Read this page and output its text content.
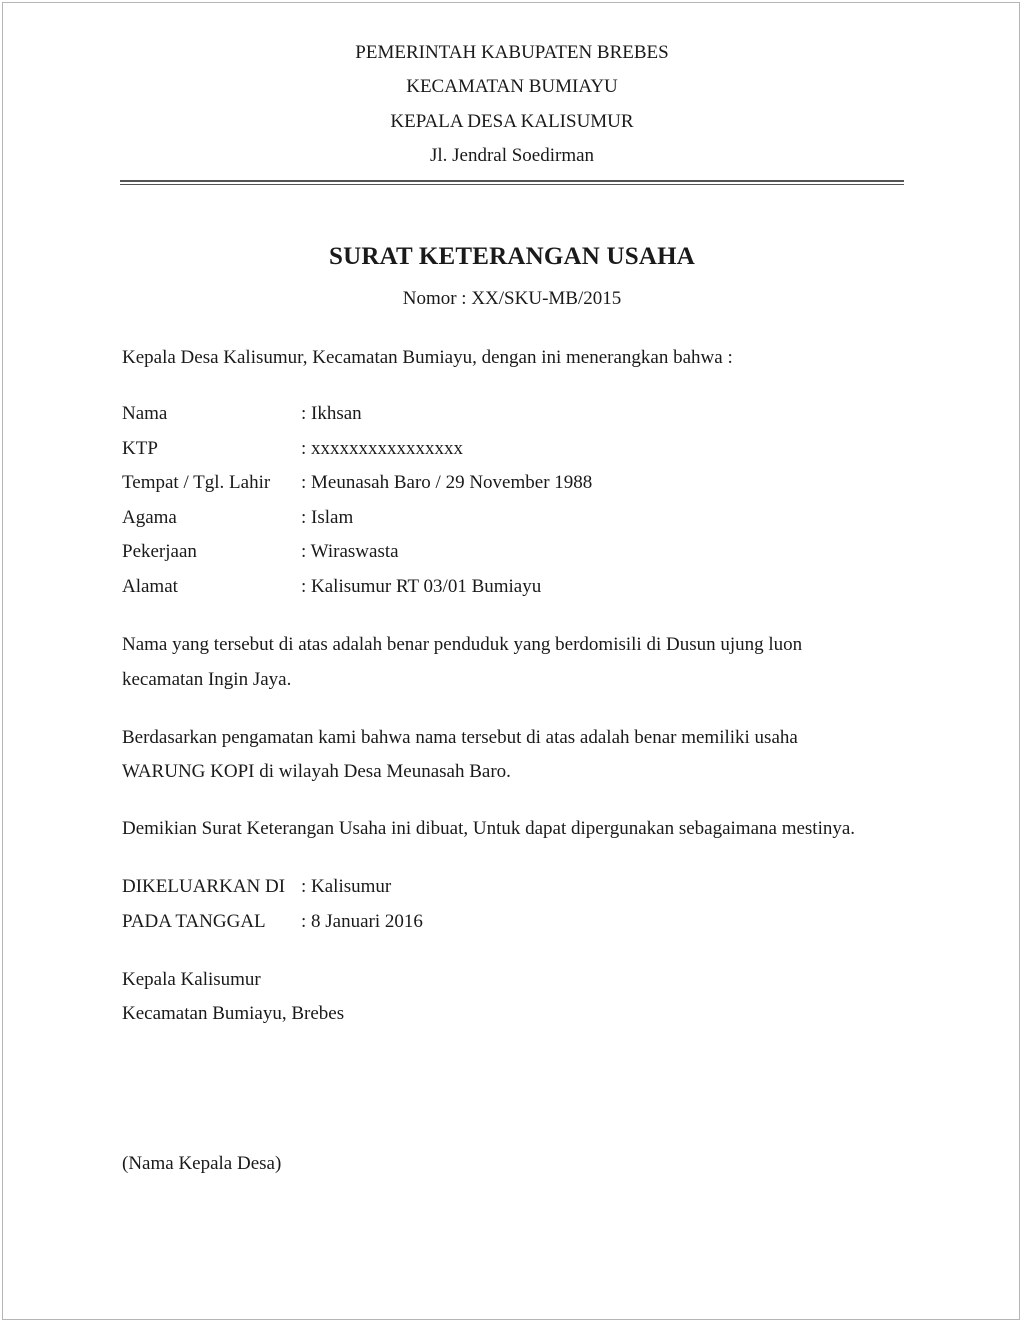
PEMERINTAH KABUPATEN BREBES
KECAMATAN BUMIAYU
KEPALA DESA KALISUMUR
Jl. Jendral Soedirman
SURAT KETERANGAN USAHA
Nomor : XX/SKU-MB/2015
Kepala Desa Kalisumur, Kecamatan Bumiayu, dengan ini menerangkan bahwa :
Nama	: Ikhsan
KTP	: xxxxxxxxxxxxxxxx
Tempat / Tgl. Lahir : Meunasah Baro / 29 November 1988
Agama	: Islam
Pekerjaan	: Wiraswasta
Alamat	: Kalisumur RT 03/01 Bumiayu
Nama yang tersebut di atas adalah benar penduduk yang berdomisili di Dusun ujung luon
kecamatan Ingin Jaya.
Berdasarkan pengamatan kami bahwa nama tersebut di atas adalah benar memiliki usaha
WARUNG KOPI di wilayah Desa Meunasah Baro.
Demikian Surat Keterangan Usaha ini dibuat, Untuk dapat dipergunakan sebagaimana mestinya.
DIKELUARKAN DI : Kalisumur
PADA TANGGAL : 8 Januari 2016
Kepala Kalisumur
Kecamatan Bumiayu, Brebes
(Nama Kepala Desa)
